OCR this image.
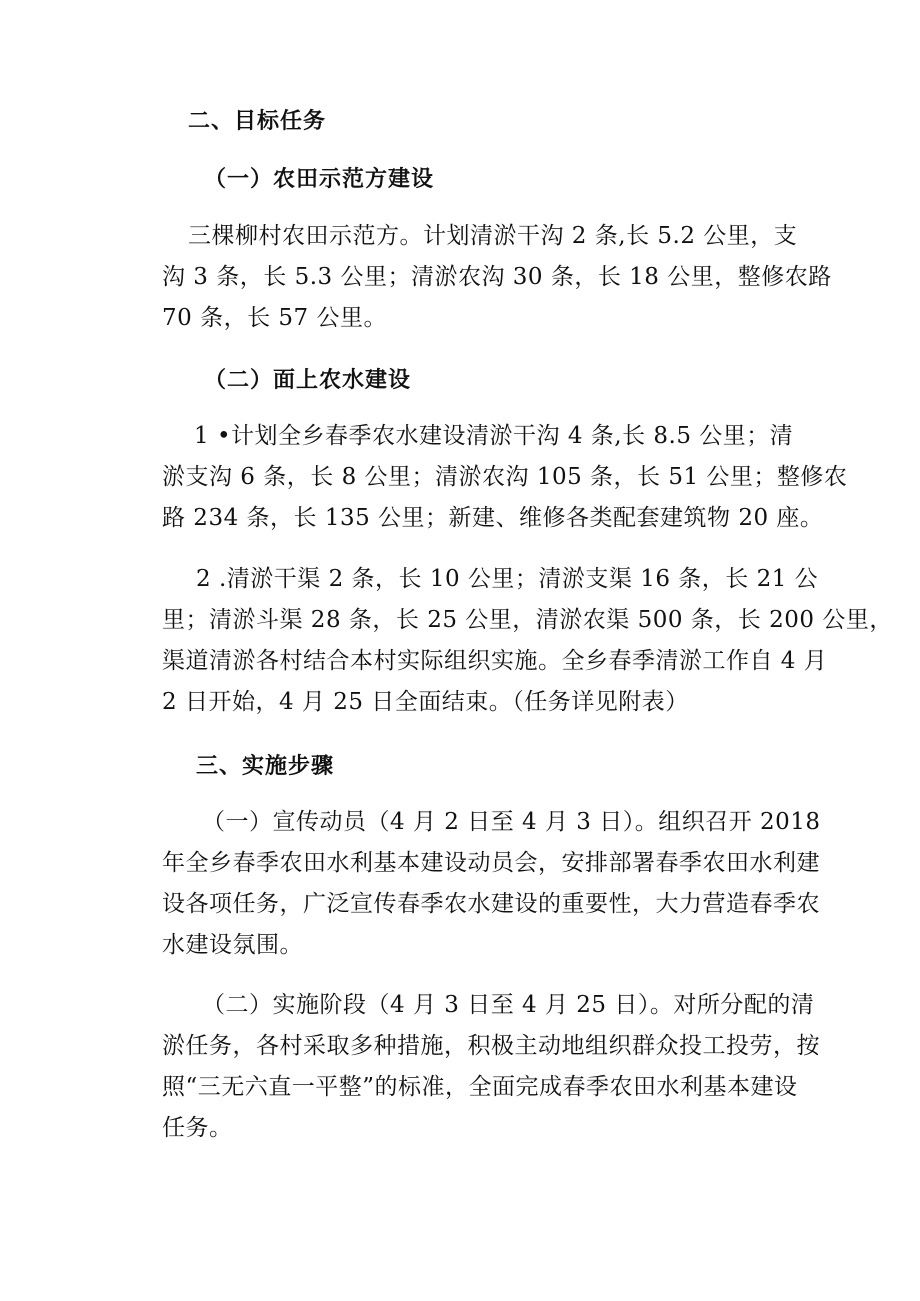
二、目标任务
（一）农田示范方建设
三棵柳村农田示范方。计划清淤干沟 2 条,长 5.2 公里，支
沟 3 条，长 5.3 公里；清淤农沟 30 条，长 18 公里，整修农路
70 条，长 57 公里。
（二）面上农水建设
1 •计划全乡春季农水建设清淤干沟 4 条,长 8.5 公里；清
淤支沟 6 条，长 8 公里；清淤农沟 105 条，长 51 公里；整修农
路 234 条，长 135 公里；新建、维修各类配套建筑物 20 座。
2 .清淤干渠 2 条，长 10 公里；清淤支渠 16 条，长 21 公
里；清淤斗渠 28 条，长 25 公里，清淤农渠 500 条，长 200 公里，
渠道清淤各村结合本村实际组织实施。全乡春季清淤工作自 4 月
2 日开始，4 月 25 日全面结束。（任务详见附表）
三、实施步骤
（一）宣传动员（4 月 2 日至 4 月 3 日）。组织召开 2018
年全乡春季农田水利基本建设动员会，安排部署春季农田水利建
设各项任务，广泛宣传春季农水建设的重要性，大力营造春季农
水建设氛围。
（二）实施阶段（4 月 3 日至 4 月 25 日）。对所分配的清
淤任务，各村采取多种措施，积极主动地组织群众投工投劳，按
照“三无六直一平整”的标准，全面完成春季农田水利基本建设
任务。
